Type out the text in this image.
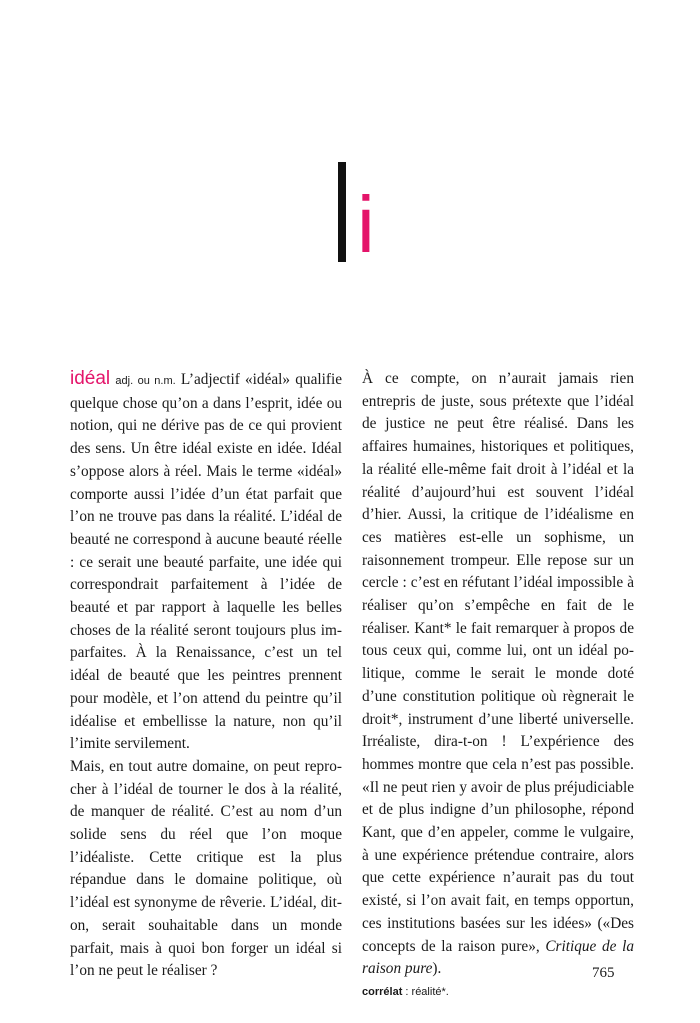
i

idéal adj. ou n.m. L’adjectif «idéal» qualifie quelque chose qu’on a dans l’esprit, idée ou notion, qui ne dérive pas de ce qui provient des sens. Un être idéal existe en idée. Idéal s’oppose alors à réel. Mais le terme «idéal» comporte aussi l’idée d’un état parfait que l’on ne trouve pas dans la réalité. L’idéal de beauté ne correspond à aucune beauté réelle : ce serait une beauté parfaite, une idée qui correspondrait parfaitement à l’idée de beauté et par rapport à laquelle les belles choses de la réalité seront toujours plus imparfaites. À la Renaissance, c’est un tel idéal de beauté que les peintres prennent pour modèle, et l’on attend du peintre qu’il idéalise et embellisse la nature, non qu’il l’imite servilement.

Mais, en tout autre domaine, on peut reprocher à l’idéal de tourner le dos à la réalité, de manquer de réalité. C’est au nom d’un solide sens du réel que l’on moque l’idéaliste. Cette critique est la plus répandue dans le domaine politique, où l’idéal est synonyme de rêverie. L’idéal, dit-on, serait souhaitable dans un monde parfait, mais à quoi bon forger un idéal si l’on ne peut le réaliser ?

À ce compte, on n’aurait jamais rien entrepris de juste, sous prétexte que l’idéal de justice ne peut être réalisé. Dans les affaires humaines, historiques et politiques, la réalité elle-même fait droit à l’idéal et la réalité d’aujourd’hui est souvent l’idéal d’hier. Aussi, la critique de l’idéalisme en ces matières est-elle un sophisme, un raisonnement trompeur. Elle repose sur un cercle : c’est en réfutant l’idéal impossible à réaliser qu’on s’empêche en fait de le réaliser. Kant* le fait remarquer à propos de tous ceux qui, comme lui, ont un idéal politique, comme le serait le monde doté d’une constitution politique où règnerait le droit*, instrument d’une liberté universelle. Irréaliste, dira-t-on ! L’expérience des hommes montre que cela n’est pas possible. «Il ne peut rien y avoir de plus préjudiciable et de plus indigne d’un philosophe, répond Kant, que d’en appeler, comme le vulgaire, à une expérience prétendue contraire, alors que cette expérience n’aurait pas du tout existé, si l’on avait fait, en temps opportun, ces institutions basées sur les idées» («Des concepts de la raison pure», Critique de la raison pure).

corrélat : réalité*.
765
